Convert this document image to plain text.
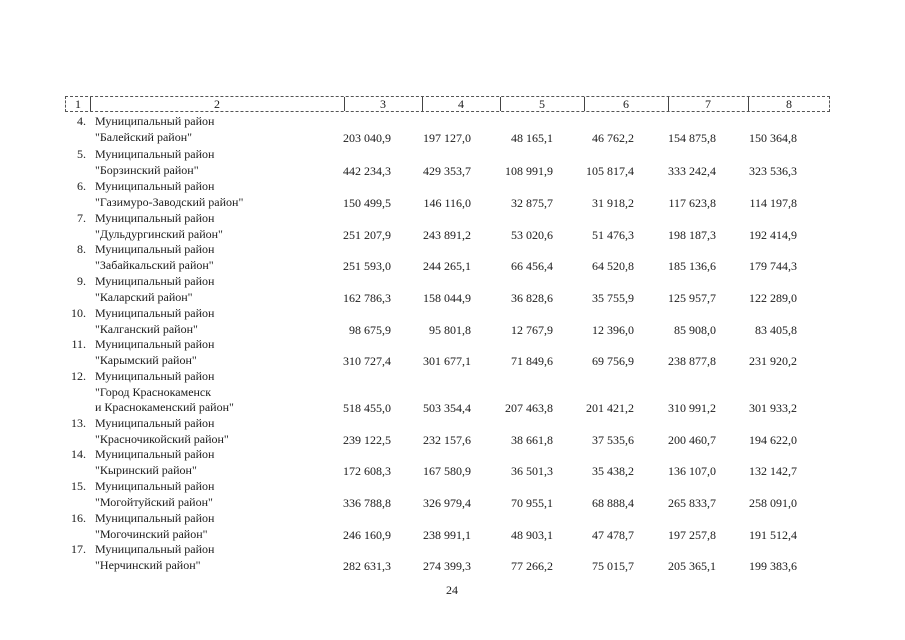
1	2	3	4	5	6	7	8
4. Муниципальный район
"Балейский район"	203 040,9	197 127,0	48 165,1	46 762,2	154 875,8	150 364,8
5. Муниципальный район
"Борзинский район"	442 234,3	429 353,7	108 991,9	105 817,4	333 242,4	323 536,3
6. Муниципальный район
"Газимуро-Заводский район"	150 499,5	146 116,0	32 875,7	31 918,2	117 623,8	114 197,8
7. Муниципальный район
"Дульдургинский район"	251 207,9	243 891,2	53 020,6	51 476,3	198 187,3	192 414,9
8. Муниципальный район
"Забайкальский район"	251 593,0	244 265,1	66 456,4	64 520,8	185 136,6	179 744,3
9. Муниципальный район
"Каларский район"	162 786,3	158 044,9	36 828,6	35 755,9	125 957,7	122 289,0
10. Муниципальный район
"Калганский район"	98 675,9	95 801,8	12 767,9	12 396,0	85 908,0	83 405,8
11. Муниципальный район
"Карымский район"	310 727,4	301 677,1	71 849,6	69 756,9	238 877,8	231 920,2
12. Муниципальный район
"Город Краснокаменск
и Краснокаменский район"	518 455,0	503 354,4	207 463,8	201 421,2	310 991,2	301 933,2
13. Муниципальный район
"Красночикойский район"	239 122,5	232 157,6	38 661,8	37 535,6	200 460,7	194 622,0
14. Муниципальный район
"Кыринский район"	172 608,3	167 580,9	36 501,3	35 438,2	136 107,0	132 142,7
15. Муниципальный район
"Могойтуйский район"	336 788,8	326 979,4	70 955,1	68 888,4	265 833,7	258 091,0
16. Муниципальный район
"Могочинский район"	246 160,9	238 991,1	48 903,1	47 478,7	197 257,8	191 512,4
17. Муниципальный район
"Нерчинский район"	282 631,3	274 399,3	77 266,2	75 015,7	205 365,1	199 383,6
24
